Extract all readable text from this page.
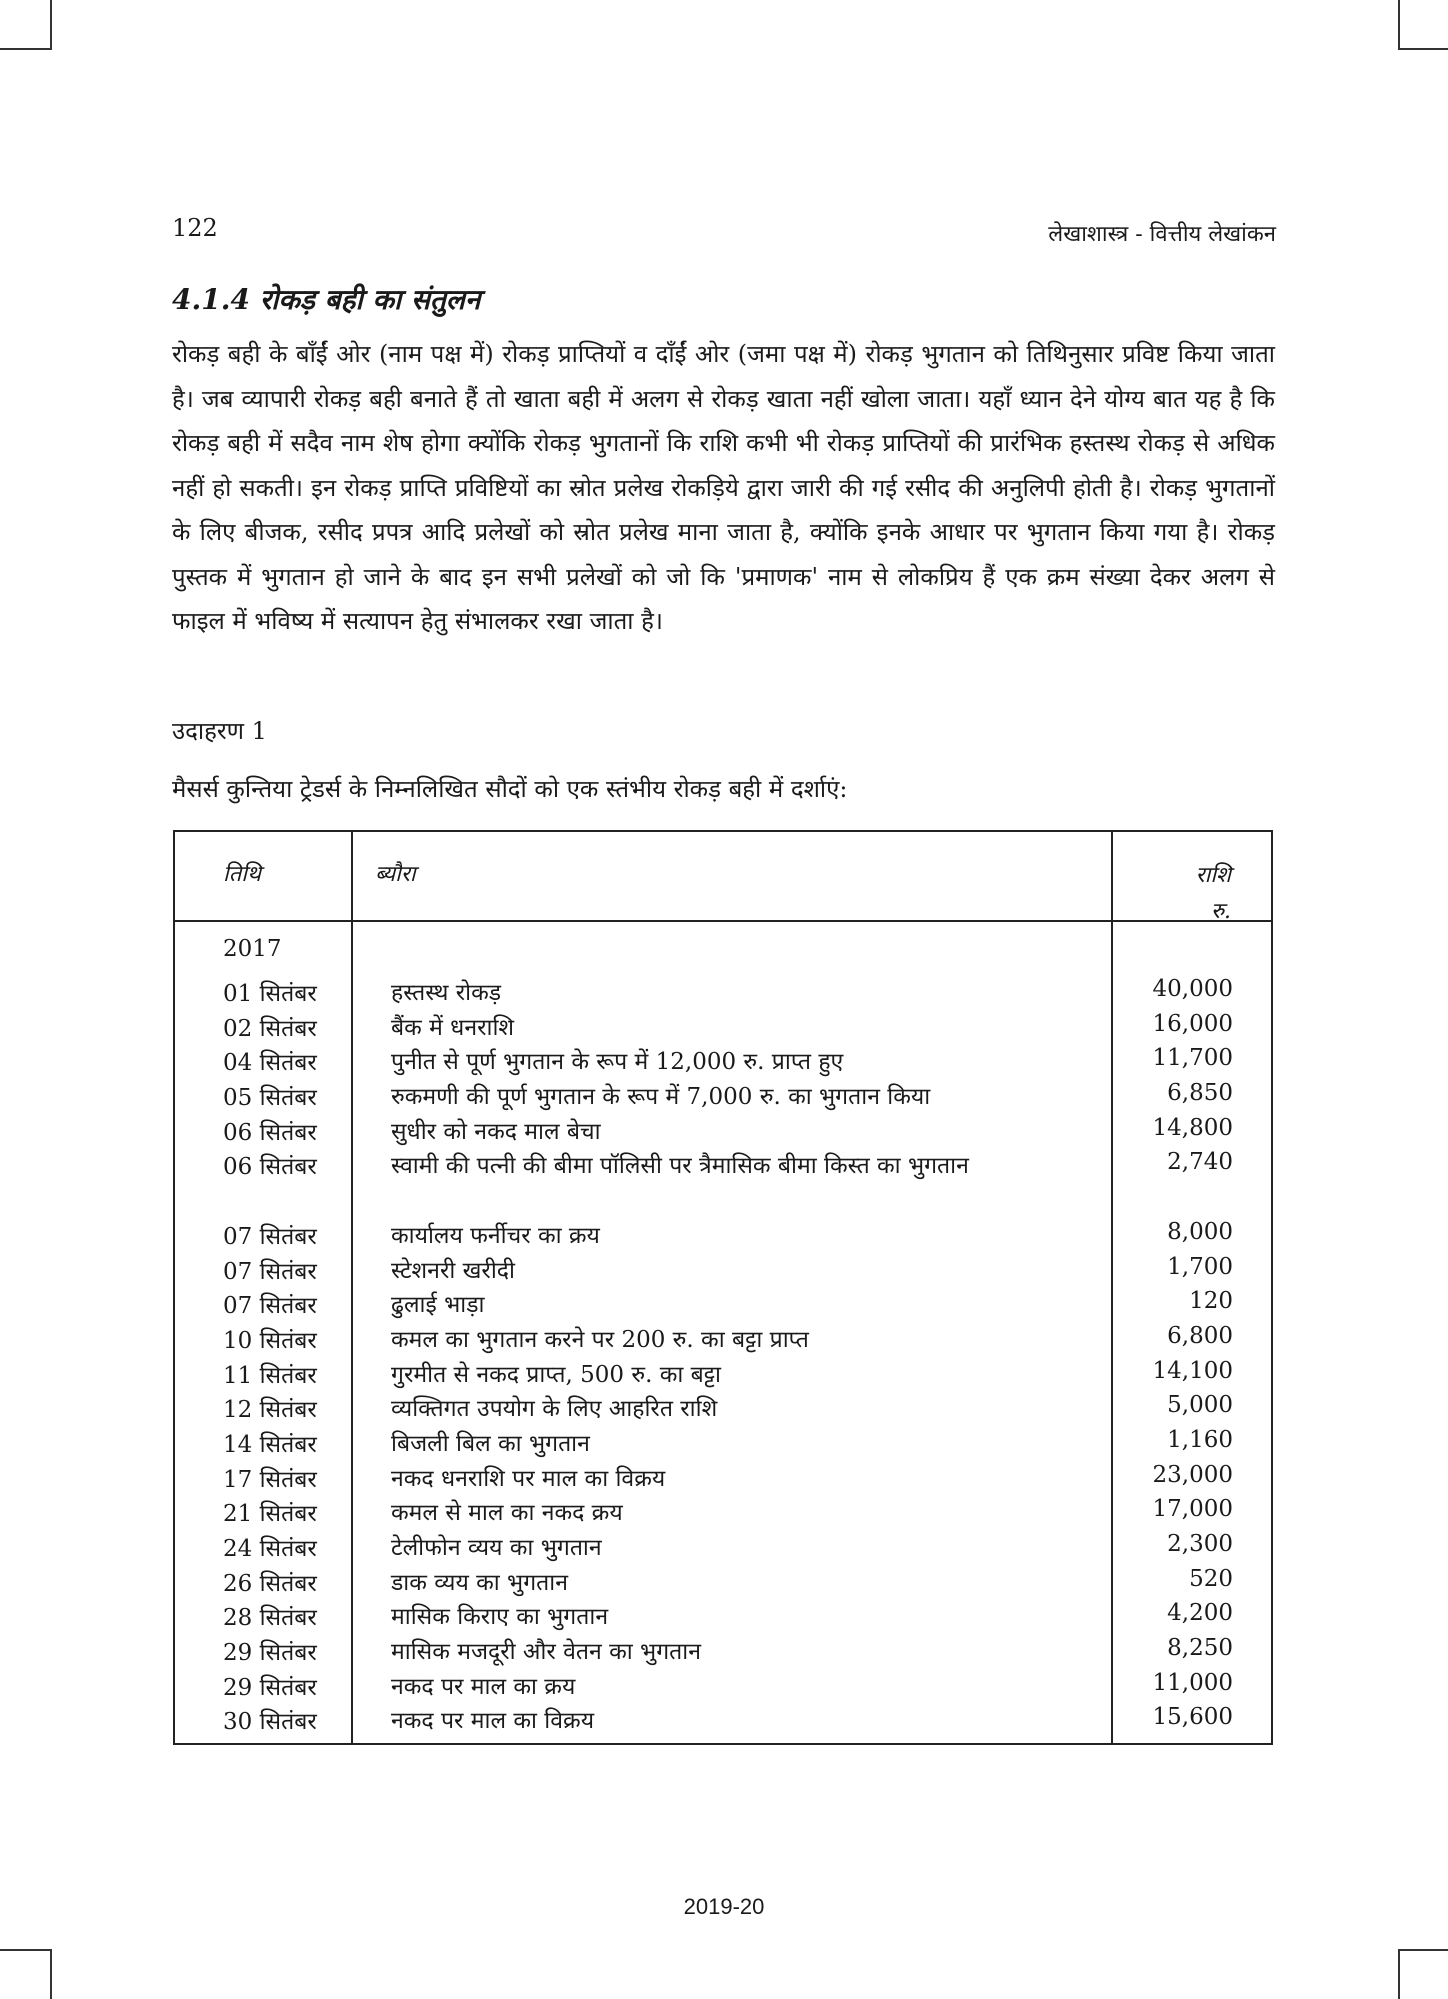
122	लेखाशास्त्र - वित्तीय लेखांकन
4.1.4 रोकड़ बही का संतुलन

रोकड़ बही के बाँईं ओर (नाम पक्ष में) रोकड़ प्राप्तियों व दाँईं ओर (जमा पक्ष में) रोकड़ भुगतान को तिथिनुसार प्रविष्ट किया जाता है। जब व्यापारी रोकड़ बही बनाते हैं तो खाता बही में अलग से रोकड़ खाता नहीं खोला जाता। यहाँ ध्यान देने योग्य बात यह है कि रोकड़ बही में सदैव नाम शेष होगा क्योंकि रोकड़ भुगतानों कि राशि कभी भी रोकड़ प्राप्तियों की प्रारंभिक हस्तस्थ रोकड़ से अधिक नहीं हो सकती। इन रोकड़ प्राप्ति प्रविष्टियों का स्रोत प्रलेख रोकड़िये द्वारा जारी की गई रसीद की अनुलिपी होती है। रोकड़ भुगतानों के लिए बीजक, रसीद प्रपत्र आदि प्रलेखों को स्रोत प्रलेख माना जाता है, क्योंकि इनके आधार पर भुगतान किया गया है। रोकड़ पुस्तक में भुगतान हो जाने के बाद इन सभी प्रलेखों को जो कि 'प्रमाणक' नाम से लोकप्रिय हैं एक क्रम संख्या देकर अलग से फाइल में भविष्य में सत्यापन हेतु संभालकर रखा जाता है।

उदाहरण 1
मैसर्स कुन्तिया ट्रेडर्स के निम्नलिखित सौदों को एक स्तंभीय रोकड़ बही में दर्शाएं:
तिथि	ब्यौरा	राशि
रु.
2017
01 सितंबर	हस्तस्थ रोकड़	40,000
02 सितंबर	बैंक में धनराशि	16,000
04 सितंबर	पुनीत से पूर्ण भुगतान के रूप में 12,000 रु. प्राप्त हुए	11,700
05 सितंबर	रुकमणी की पूर्ण भुगतान के रूप में 7,000 रु. का भुगतान किया	6,850
06 सितंबर	सुधीर को नकद माल बेचा	14,800
06 सितंबर	स्वामी की पत्नी की बीमा पॉलिसी पर त्रैमासिक बीमा किस्त का भुगतान	2,740
07 सितंबर	कार्यालय फर्नीचर का क्रय	8,000
07 सितंबर	स्टेशनरी खरीदी	1,700
07 सितंबर	ढुलाई भाड़ा	120
10 सितंबर	कमल का भुगतान करने पर 200 रु. का बट्टा प्राप्त	6,800
11 सितंबर	गुरमीत से नकद प्राप्त, 500 रु. का बट्टा	14,100
12 सितंबर	व्यक्तिगत उपयोग के लिए आहरित राशि	5,000
14 सितंबर	बिजली बिल का भुगतान	1,160
17 सितंबर	नकद धनराशि पर माल का विक्रय	23,000
21 सितंबर	कमल से माल का नकद क्रय	17,000
24 सितंबर	टेलीफोन व्यय का भुगतान	2,300
26 सितंबर	डाक व्यय का भुगतान	520
28 सितंबर	मासिक किराए का भुगतान	4,200
29 सितंबर	मासिक मजदूरी और वेतन का भुगतान	8,250
29 सितंबर	नकद पर माल का क्रय	11,000
30 सितंबर	नकद पर माल का विक्रय	15,600
2019-20
